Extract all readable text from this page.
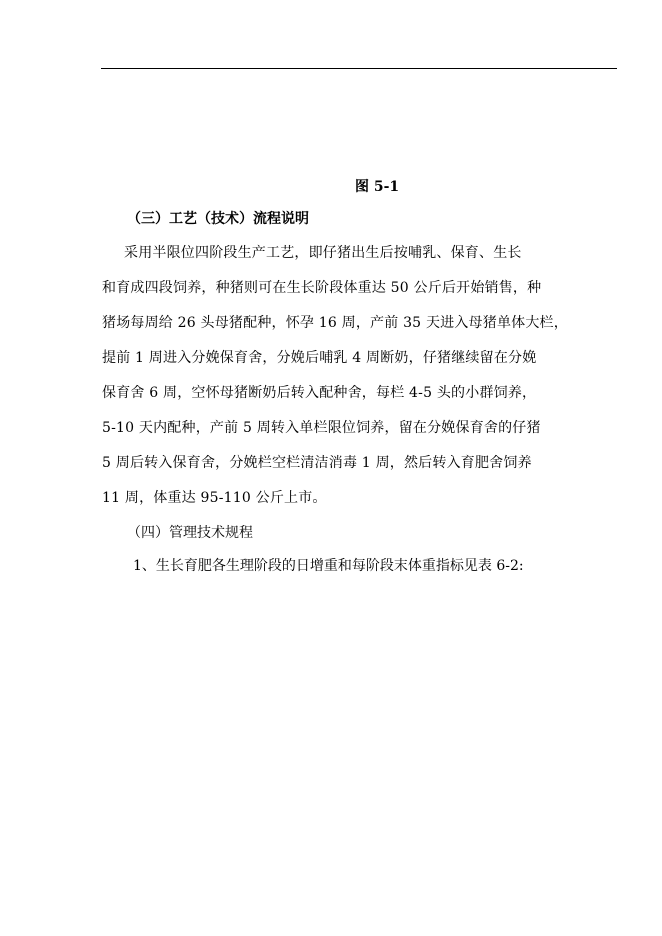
图 5-1
（三）工艺（技术）流程说明
采用半限位四阶段生产工艺，即仔猪出生后按哺乳、保育、生长
和育成四段饲养，种猪则可在生长阶段体重达 50 公斤后开始销售，种
猪场每周给 26 头母猪配种，怀孕 16 周，产前 35 天进入母猪单体大栏，
提前 1 周进入分娩保育舍，分娩后哺乳 4 周断奶，仔猪继续留在分娩
保育舍 6 周，空怀母猪断奶后转入配种舍，每栏 4-5 头的小群饲养，
5-10 天内配种，产前 5 周转入单栏限位饲养，留在分娩保育舍的仔猪
5 周后转入保育舍，分娩栏空栏清洁消毒 1 周，然后转入育肥舍饲养
11 周，体重达 95-110 公斤上市。
（四）管理技术规程
1、生长育肥各生理阶段的日增重和每阶段末体重指标见表 6-2:
